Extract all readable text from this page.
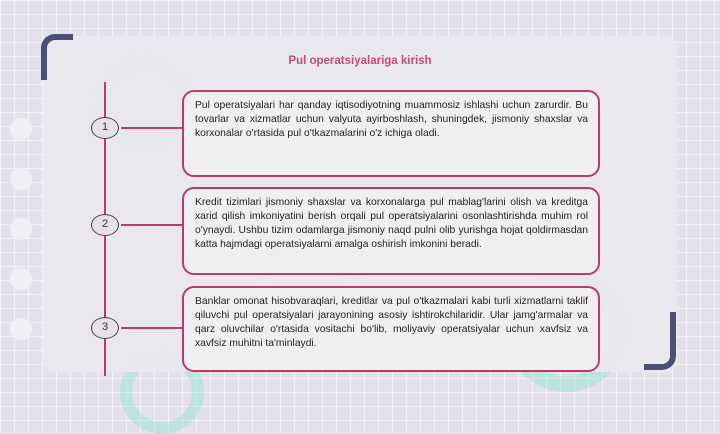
Pul operatsiyalariga kirish
1
2
3

Pul operatsiyalari har qanday iqtisodiyotning muammosiz ishlashi uchun zarurdir. Bu tovarlar va xizmatlar uchun valyuta ayirboshlash, shuningdek, jismoniy shaxslar va korxonalar o'rtasida pul o'tkazmalarini o'z ichiga oladi.

Kredit tizimlari jismoniy shaxslar va korxonalarga pul mablag'larini olish va kreditga xarid qilish imkoniyatini berish orqali pul operatsiyalarini osonlashtirishda muhim rol o'ynaydi. Ushbu tizim odamlarga jismoniy naqd pulni olib yurishga hojat qoldirmasdan katta hajmdagi operatsiyalarni amalga oshirish imkonini beradi.

Banklar omonat hisobvaraqlari, kreditlar va pul o'tkazmalari kabi turli xizmatlarni taklif qiluvchi pul operatsiyalari jarayonining asosiy ishtirokchilaridir. Ular jamg'armalar va qarz oluvchilar o'rtasida vositachi bo'lib, moliyaviy operatsiyalar uchun xavfsiz va xavfsiz muhitni ta'minlaydi.
